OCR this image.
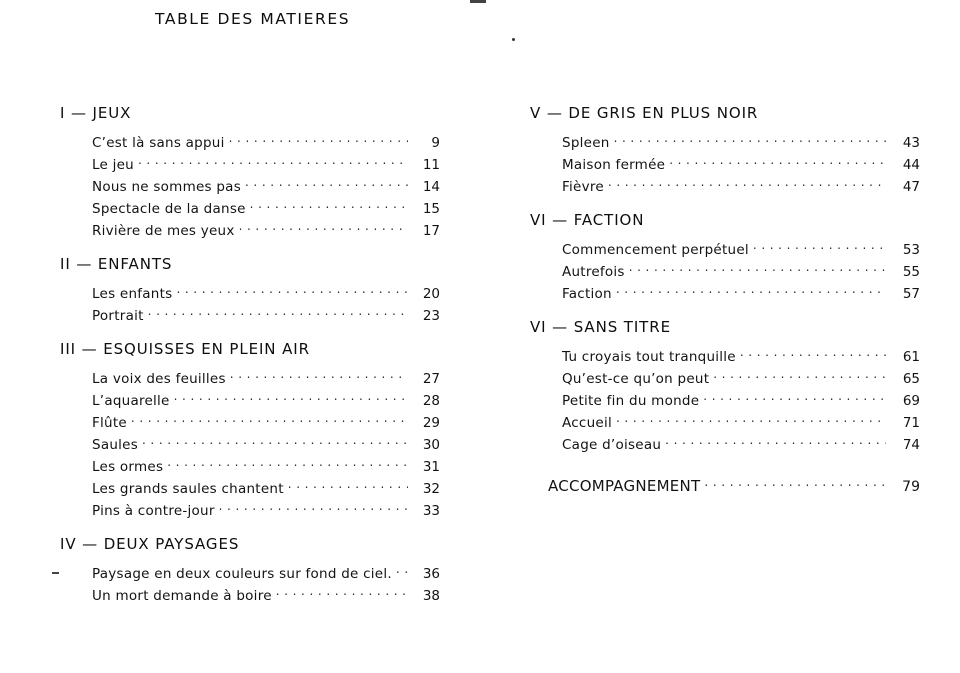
TABLE DES MATIERES
I — JEUX
C’est là sans appui . . .	9
Le jeu . . .	11
Nous ne sommes pas . . .	14
Spectacle de la danse . . .	15
Rivière de mes yeux . . .	17
II — ENFANTS
Les enfants . . .	20
Portrait . . .	23
III — ESQUISSES EN PLEIN AIR
La voix des feuilles . . .	27
L’aquarelle . . .	28
Flûte . . .	29
Saules . . .	30
Les ormes . . .	31
Les grands saules chantent . . .	32
Pins à contre-jour . . .	33
IV — DEUX PAYSAGES
Paysage en deux couleurs sur fond de ciel. . . .	36
Un mort demande à boire . . .	38
V — DE GRIS EN PLUS NOIR
Spleen . . .	43
Maison fermée . . .	44
Fièvre . . .	47
VI — FACTION
Commencement perpétuel . . .	53
Autrefois . . .	55
Faction . . .	57
VI — SANS TITRE
Tu croyais tout tranquille . . .	61
Qu’est-ce qu’on peut . . .	65
Petite fin du monde . . .	69
Accueil . . .	71
Cage d’oiseau . . .	74
ACCOMPAGNEMENT . . .	79
